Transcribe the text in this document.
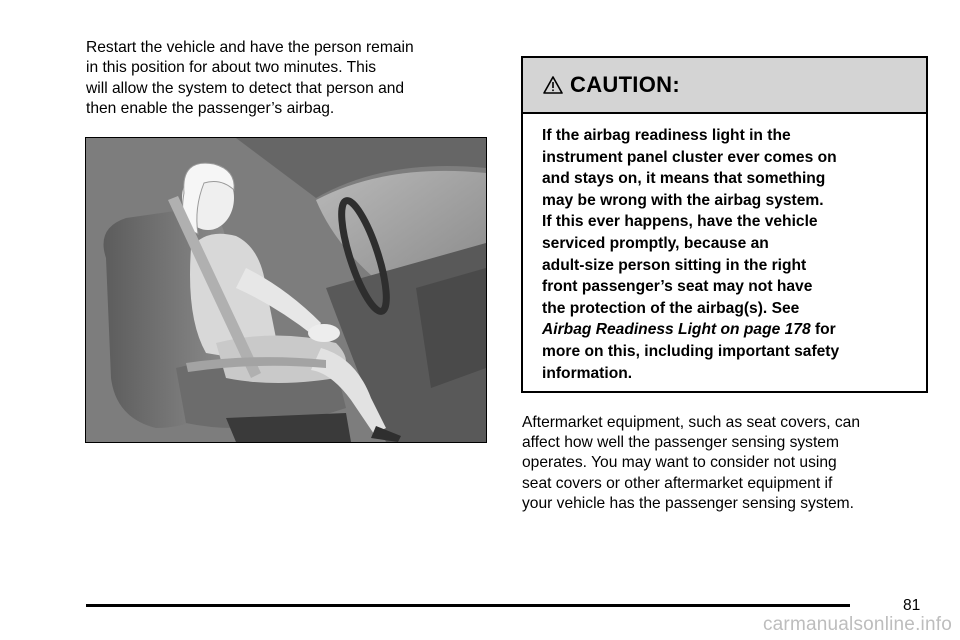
Restart the vehicle and have the person remain
in this position for about two minutes. This
will allow the system to detect that person and
then enable the passenger’s airbag.
CAUTION:
If the airbag readiness light in the
instrument panel cluster ever comes on
and stays on, it means that something
may be wrong with the airbag system.
If this ever happens, have the vehicle
serviced promptly, because an
adult-size person sitting in the right
front passenger’s seat may not have
the protection of the airbag(s). See
Airbag Readiness Light on page 178 for
more on this, including important safety
information.
Aftermarket equipment, such as seat covers, can
affect how well the passenger sensing system
operates. You may want to consider not using
seat covers or other aftermarket equipment if
your vehicle has the passenger sensing system.
81
carmanualsonline.info
